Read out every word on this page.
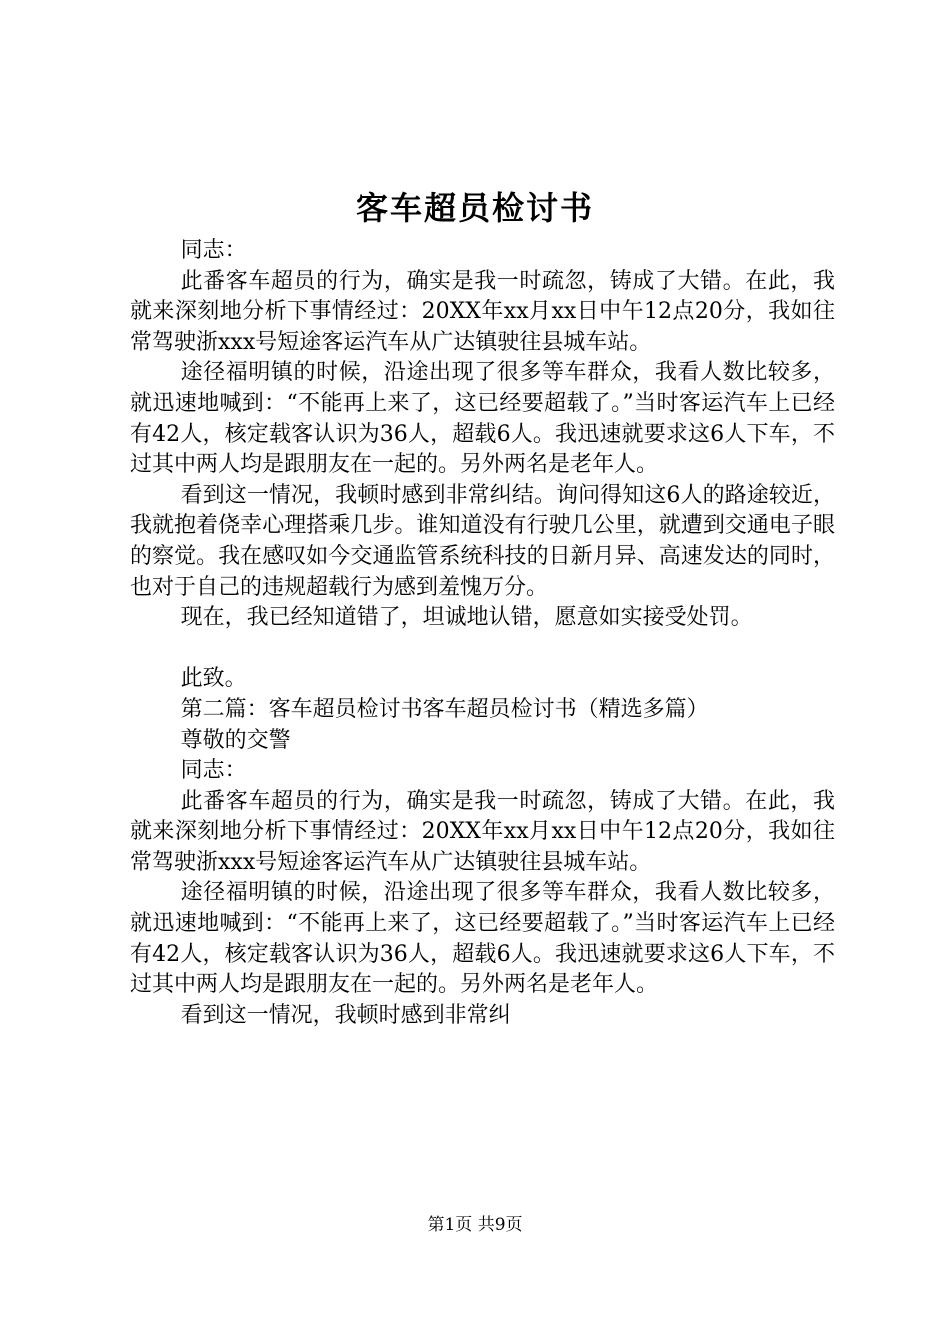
客车超员检讨书

同志：

此番客车超员的行为，确实是我一时疏忽，铸成了大错。在此，我就来深刻地分析下事情经过：20XX年xx月xx日中午12点20分，我如往常驾驶浙xxx号短途客运汽车从广达镇驶往县城车站。

途径福明镇的时候，沿途出现了很多等车群众，我看人数比较多，就迅速地喊到：“不能再上来了，这已经要超载了。”当时客运汽车上已经有42人，核定载客认识为36人，超载6人。我迅速就要求这6人下车，不过其中两人均是跟朋友在一起的。另外两名是老年人。

看到这一情况，我顿时感到非常纠结。询问得知这6人的路途较近，我就抱着侥幸心理搭乘几步。谁知道没有行驶几公里，就遭到交通电子眼的察觉。我在感叹如今交通监管系统科技的日新月异、高速发达的同时，也对于自己的违规超载行为感到羞愧万分。

现在，我已经知道错了，坦诚地认错，愿意如实接受处罚。

此致。

第二篇：客车超员检讨书客车超员检讨书（精选多篇）

尊敬的交警

同志：

此番客车超员的行为，确实是我一时疏忽，铸成了大错。在此，我就来深刻地分析下事情经过：20XX年xx月xx日中午12点20分，我如往常驾驶浙xxx号短途客运汽车从广达镇驶往县城车站。

途径福明镇的时候，沿途出现了很多等车群众，我看人数比较多，就迅速地喊到：“不能再上来了，这已经要超载了。”当时客运汽车上已经有42人，核定载客认识为36人，超载6人。我迅速就要求这6人下车，不过其中两人均是跟朋友在一起的。另外两名是老年人。

看到这一情况，我顿时感到非常纠

第1页 共9页
